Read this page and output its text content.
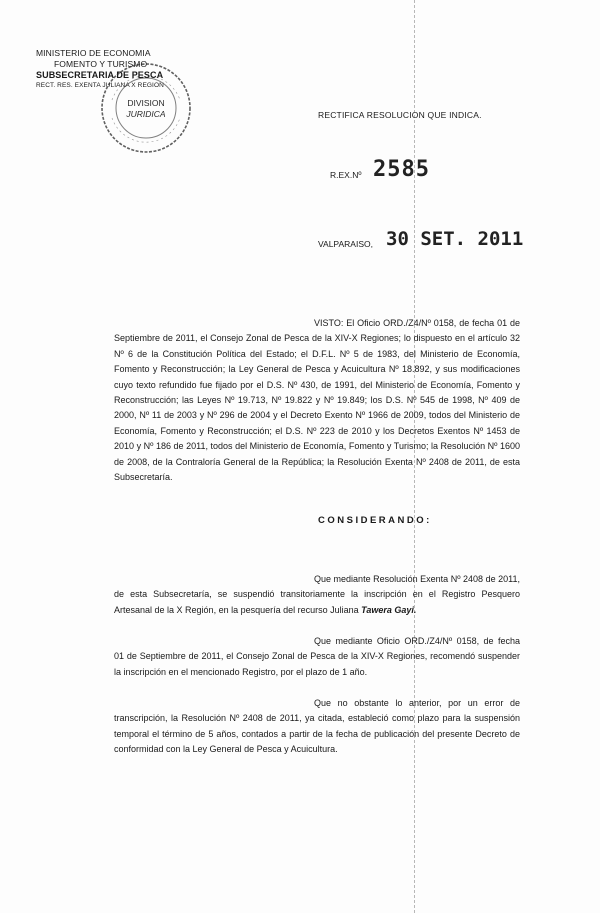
MINISTERIO DE ECONOMIA
FOMENTO Y TURISMO
SUBSECRETARIA DE PESCA
RECT. RES. EXENTA JULIANA X REGION
DIVISION
JURIDICA	RECTIFICA RESOLUCION QUE INDICA.
R.EX.Nº 2585
VALPARAISO, 30 SET. 2011

VISTO: El Oficio ORD./Z4/Nº 0158, de fecha 01 de Septiembre de 2011, el Consejo Zonal de Pesca de la XIV-X Regiones; lo dispuesto en el artículo 32 Nº 6 de la Constitución Política del Estado; el D.F.L. Nº 5 de 1983, del Ministerio de Economía, Fomento y Reconstrucción; la Ley General de Pesca y Acuicultura Nº 18.892, y sus modificaciones cuyo texto refundido fue fijado por el D.S. Nº 430, de 1991, del Ministerio de Economía, Fomento y Reconstrucción; las Leyes Nº 19.713, Nº 19.822 y Nº 19.849; los D.S. Nº 545 de 1998, Nº 409 de 2000, Nº 11 de 2003 y Nº 296 de 2004 y el Decreto Exento Nº 1966 de 2009, todos del Ministerio de Economía, Fomento y Reconstrucción; el D.S. Nº 223 de 2010 y los Decretos Exentos Nº 1453 de 2010 y Nº 186 de 2011, todos del Ministerio de Economía, Fomento y Turismo; la Resolución Nº 1600 de 2008, de la Contraloría General de la República; la Resolución Exenta Nº 2408 de 2011, de esta Subsecretaría.

CONSIDERANDO:

Que mediante Resolución Exenta Nº 2408 de 2011, de esta Subsecretaría, se suspendió transitoriamente la inscripción en el Registro Pesquero Artesanal de la X Región, en la pesquería del recurso Juliana Tawera Gayi.

Que mediante Oficio ORD./Z4/Nº 0158, de fecha 01 de Septiembre de 2011, el Consejo Zonal de Pesca de la XIV-X Regiones, recomendó suspender la inscripción en el mencionado Registro, por el plazo de 1 año.

Que no obstante lo anterior, por un error de transcripción, la Resolución Nº 2408 de 2011, ya citada, estableció como plazo para la suspensión temporal el término de 5 años, contados a partir de la fecha de publicación del presente Decreto de conformidad con la Ley General de Pesca y Acuicultura.
